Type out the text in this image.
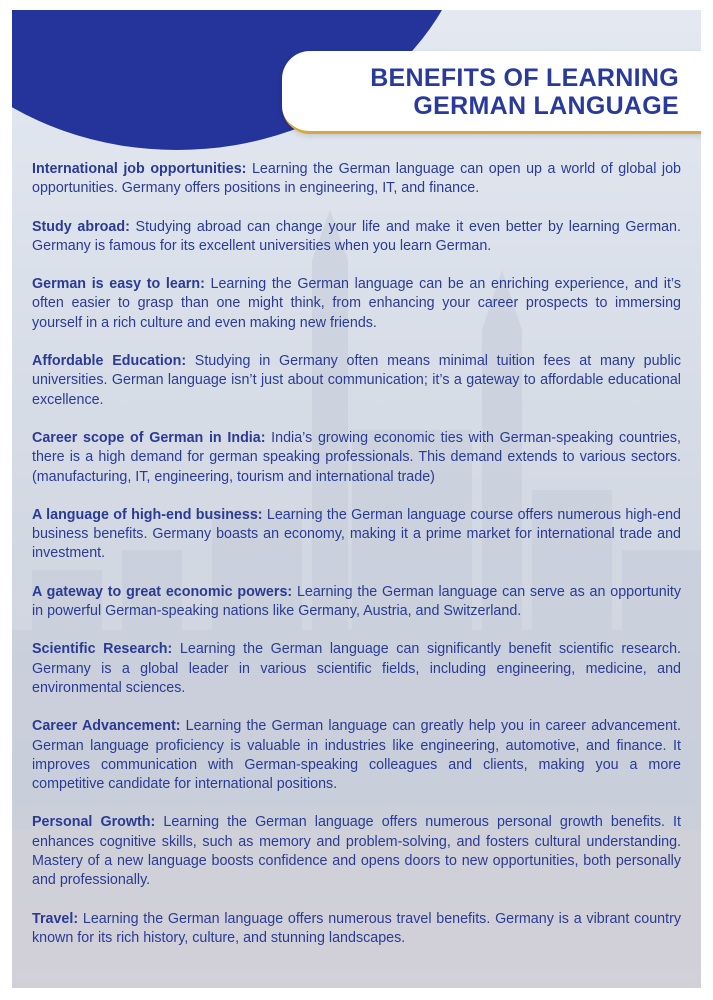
BENEFITS OF LEARNING
GERMAN LANGUAGE

International job opportunities: Learning the German language can open up a world of global job opportunities. Germany offers positions in engineering, IT, and finance.

Study abroad: Studying abroad can change your life and make it even better by learning German. Germany is famous for its excellent universities when you learn German.

German is easy to learn: Learning the German language can be an enriching experience, and it’s often easier to grasp than one might think, from enhancing your career prospects to immersing yourself in a rich culture and even making new friends.

Affordable Education: Studying in Germany often means minimal tuition fees at many public universities. German language isn’t just about communication; it’s a gateway to affordable educational excellence.

Career scope of German in India: India’s growing economic ties with German-speaking countries, there is a high demand for german speaking professionals. This demand extends to various sectors. (manufacturing, IT, engineering, tourism and international trade)

A language of high-end business: Learning the German language course offers numerous high-end business benefits. Germany boasts an economy, making it a prime market for international trade and investment.

A gateway to great economic powers: Learning the German language can serve as an opportunity in powerful German-speaking nations like Germany, Austria, and Switzerland.

Scientific Research: Learning the German language can significantly benefit scientific research. Germany is a global leader in various scientific fields, including engineering, medicine, and environmental sciences.

Career Advancement: Learning the German language can greatly help you in career advancement. German language proficiency is valuable in industries like engineering, automotive, and finance. It improves communication with German-speaking colleagues and clients, making you a more competitive candidate for international positions.

Personal Growth: Learning the German language offers numerous personal growth benefits. It enhances cognitive skills, such as memory and problem-solving, and fosters cultural understanding. Mastery of a new language boosts confidence and opens doors to new opportunities, both personally and professionally.

Travel: Learning the German language offers numerous travel benefits. Germany is a vibrant country known for its rich history, culture, and stunning landscapes.
